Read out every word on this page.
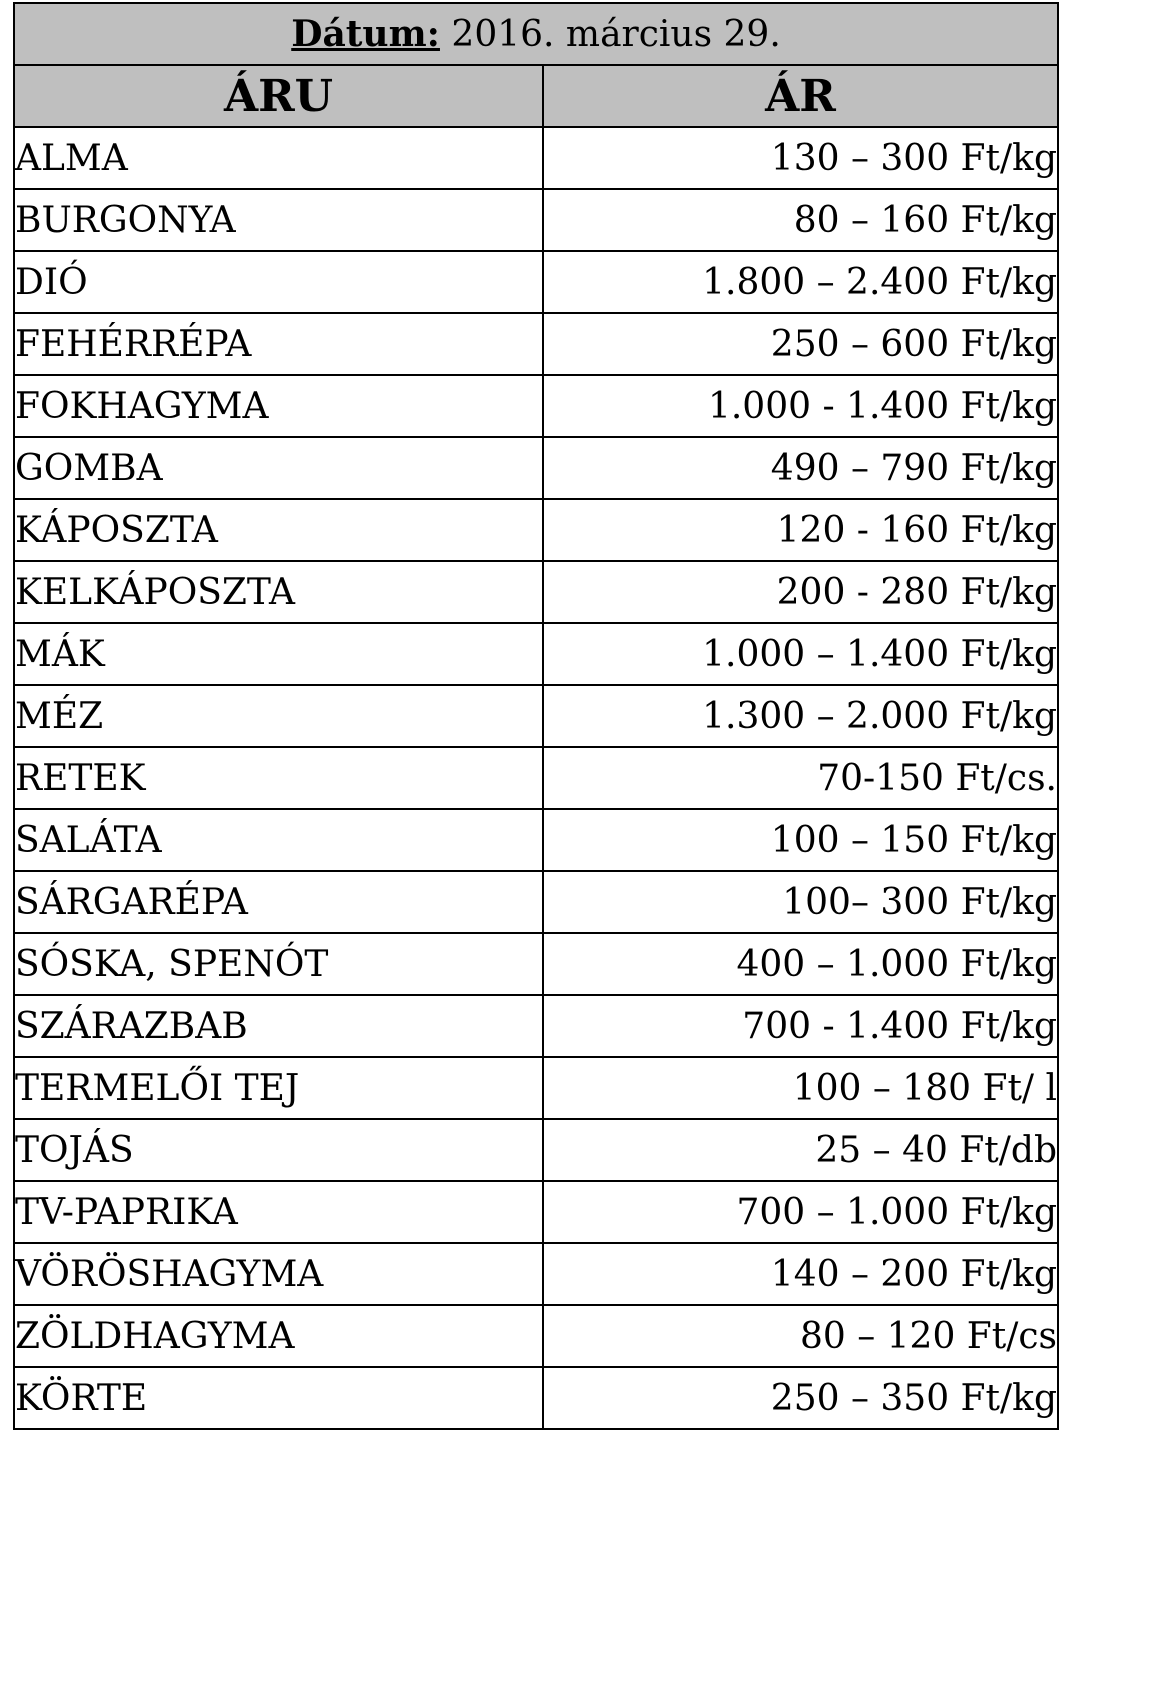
Dátum: 2016. március 29.	
ÁRU	ÁR
ALMA	130 – 300 Ft/kg
BURGONYA	80 – 160 Ft/kg
DIÓ	1.800 – 2.400 Ft/kg
FEHÉRRÉPA	250 – 600 Ft/kg
FOKHAGYMA	1.000 - 1.400 Ft/kg
GOMBA	490 – 790 Ft/kg
KÁPOSZTA	120 - 160 Ft/kg
KELKÁPOSZTA	200 - 280 Ft/kg
MÁK	1.000 – 1.400 Ft/kg
MÉZ	1.300 – 2.000 Ft/kg
RETEK	70-150 Ft/cs.
SALÁTA	100 – 150 Ft/kg
SÁRGARÉPA	100– 300 Ft/kg
SÓSKA, SPENÓT	400 – 1.000 Ft/kg
SZÁRAZBAB	700 - 1.400 Ft/kg
TERMELŐI TEJ	100 – 180 Ft/ l
TOJÁS	25 – 40 Ft/db
TV-PAPRIKA	700 – 1.000 Ft/kg
VÖRÖSHAGYMA	140 – 200 Ft/kg
ZÖLDHAGYMA	80 – 120 Ft/cs
KÖRTE	250 – 350 Ft/kg
